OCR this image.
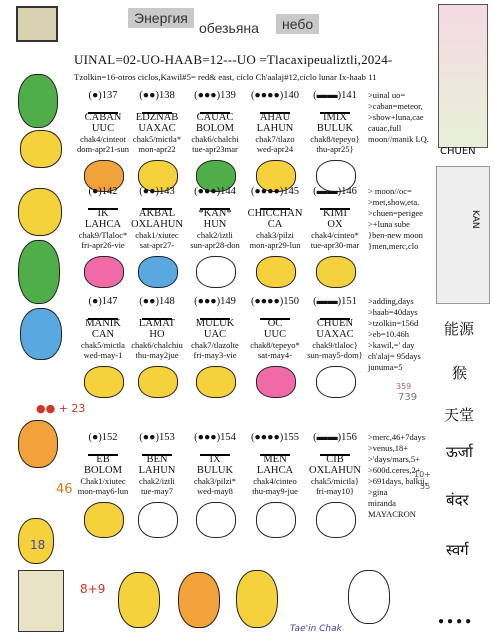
Энергия
обезьяна	небо
CHUEN
KAN
UINAL=02-UO-HAAB=12---UO =Tlacaxipeualiztli,2024-
Tzolkin=16-otros ciclos,Kawil#5= red& east, ciclo Ch'aalaj#12,ciclo lunar Ix-haab 11
(●)137
CABAN
UUC
chak4/cinteot
dom-apr21-sun
(●●)138
EDZNAB
UAXAC
chak5/mictla*
mon-apr22
(●●●)139
CAUAC
BOLOM
chak6/chalchi
tue-apr23mar
(●●●●)140
AHAU
LAHUN
chak7/tlazo
wed-apr24
(▬▬)141
IMIX
BULUK
chak8/tepeyo}
thu-apr25}
>uinal uo=
>caban=meteor,
>show+luna,cae
cauac,full
moon//manik LQ.
(●)142
IK
LAHCA
chak9/Tlaloc*
fri-apr26-vie
(●●)143
AKBAL
OXLAHUN
chak1/xiutec
sat-apr27-
(●●●)144
*KAN*
HUN
chak2/iztli
sun-apr28-don
(●●●●)145
CHICCHAN
CA
chak3/pilzi
mon-apr29-lun
(▬▬)146
KIMI
OX
chak4/cinteo*
tue-apr30-mar
> moon//oc=
>met,show,eta.
>chuen=perigee
>+luna sube
}ben-new moon
}men,merc,clo
(●)147
MANIK
CAN
chak5/mictla
wed-may-1
(●●)148
LAMAT
HO
chak6/chalchiu
thu-may2jue
(●●●)149
MULUK
UAC
chak7/tlazolte
fri-may3-vie
(●●●●)150
OC
UUC
chak8/tepeyo*
sat-may4-
(▬▬)151
CHUEN
UAXAC
chak9/tlaloc}
sun-may5-dom}
>adding,days
>haab=40days
>tzolkin=156d
>eb=10.46h
>kawil,=' day
ch'alaj= 95days
junuma=5
(●)152
EB
BOLOM
Chak1/xiutec
mon-may6-lun
(●●)153
BEN
LAHUN
chak2/iztli
tue-may7
(●●●)154
IX
BULUK
chak3/pilzi*
wed-may8
(●●●●)155
MEN
LAHCA
chak4/cinteo
thu-may9-jue
(▬▬)156
CIB
OXLAHUN
chak5/mictla}
fri-may10}
>merc,46+7days
>venus,18+
>'days/mars,5+
>600d.ceres,2+
>691days, balkij,
>gina
miranda
MAYACRON
●● + 23
46
18
8+9
359
739
10+
55
能源
猴
天堂
ऊर्जा
बंदर
स्वर्ग
●●●●
Tae'in Chak
